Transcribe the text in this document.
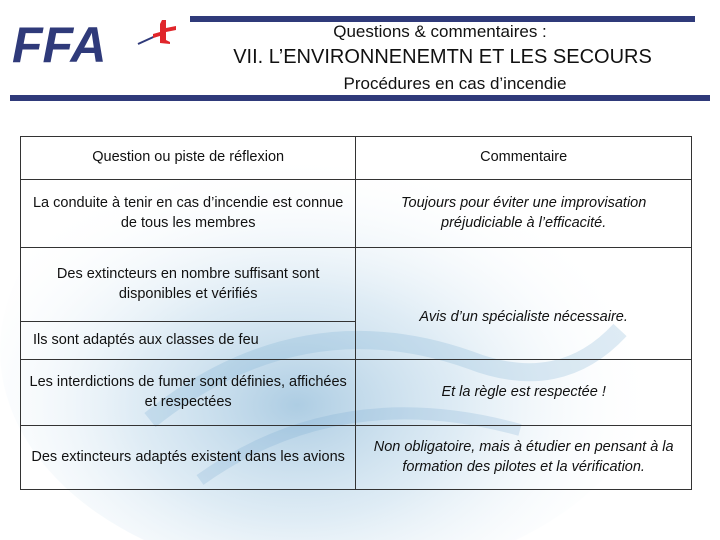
FFA	Questions & commentaires :
VII. L’ENVIRONNENEMTN ET LES SECOURS
Procédures en cas d’incendie
Question ou piste de réflexion	Commentaire
La conduite à tenir en cas d’incendie est connue de tous les membres	Toujours pour éviter une improvisation préjudiciable à l’efficacité.
Des extincteurs en nombre suffisant sont disponibles et vérifiés	Avis d’un spécialiste nécessaire.
Ils sont adaptés aux classes de feu	
Les interdictions de fumer sont définies, affichées et respectées	Et la règle est respectée !
Des extincteurs adaptés existent dans les avions	Non obligatoire, mais à étudier en pensant à la formation des pilotes et la vérification.
